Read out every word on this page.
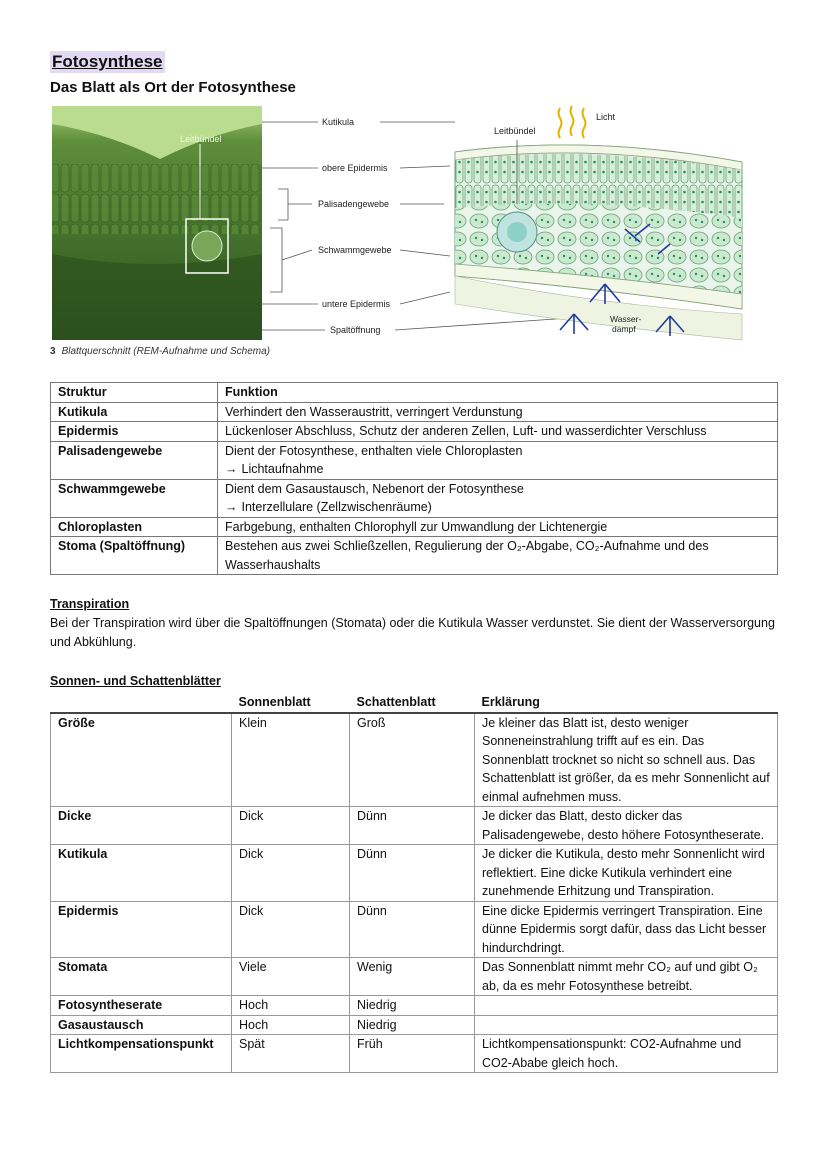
Fotosynthese
Das Blatt als Ort der Fotosynthese
Leitbündel
Kutikula
obere Epidermis
Palisadengewebe
Schwammgewebe
untere Epidermis
Spaltöffnung
Leitbündel
Licht
Wasser-
dampf
3 Blattquerschnitt (REM-Aufnahme und Schema)
Struktur	Funktion
Kutikula	Verhindert den Wasseraustritt, verringert Verdunstung
Epidermis	Lückenloser Abschluss, Schutz der anderen Zellen, Luft- und wasserdichter Verschluss
Palisadengewebe	Dient der Fotosynthese, enthalten viele Chloroplasten
→ Lichtaufnahme

Schwammgewebe	Dient dem Gasaustausch, Nebenort der Fotosynthese
→ Interzellulare (Zellzwischenräume)

Chloroplasten	Farbgebung, enthalten Chlorophyll zur Umwandlung der Lichtenergie
Stoma (Spaltöffnung)	Bestehen aus zwei Schließzellen, Regulierung der O₂-Abgabe, CO₂-Aufnahme und des Wasserhaushalts
Transpiration
Bei der Transpiration wird über die Spaltöffnungen (Stomata) oder die Kutikula Wasser verdunstet. Sie dient der Wasserversorgung und Abkühlung.
Sonnen- und Schattenblätter
	Sonnenblatt	Schattenblatt	Erklärung
Größe	Klein	Groß	Je kleiner das Blatt ist, desto weniger Sonneneinstrahlung trifft auf es ein. Das Sonnenblatt trocknet so nicht so schnell aus. Das Schattenblatt ist größer, da es mehr Sonnenlicht auf einmal aufnehmen muss.
Dicke	Dick	Dünn	Je dicker das Blatt, desto dicker das Palisadengewebe, desto höhere Fotosyntheserate.
Kutikula	Dick	Dünn	Je dicker die Kutikula, desto mehr Sonnenlicht wird reflektiert. Eine dicke Kutikula verhindert eine zunehmende Erhitzung und Transpiration.
Epidermis	Dick	Dünn	Eine dicke Epidermis verringert Transpiration. Eine dünne Epidermis sorgt dafür, dass das Licht besser hindurchdringt.
Stomata	Viele	Wenig	Das Sonnenblatt nimmt mehr CO₂ auf und gibt O₂ ab, da es mehr Fotosynthese betreibt.
Fotosyntheserate	Hoch	Niedrig	
Gasaustausch	Hoch	Niedrig	
Lichtkompensationspunkt	Spät	Früh	Lichtkompensationspunkt: CO2-Aufnahme und CO2-Ababe gleich hoch.
